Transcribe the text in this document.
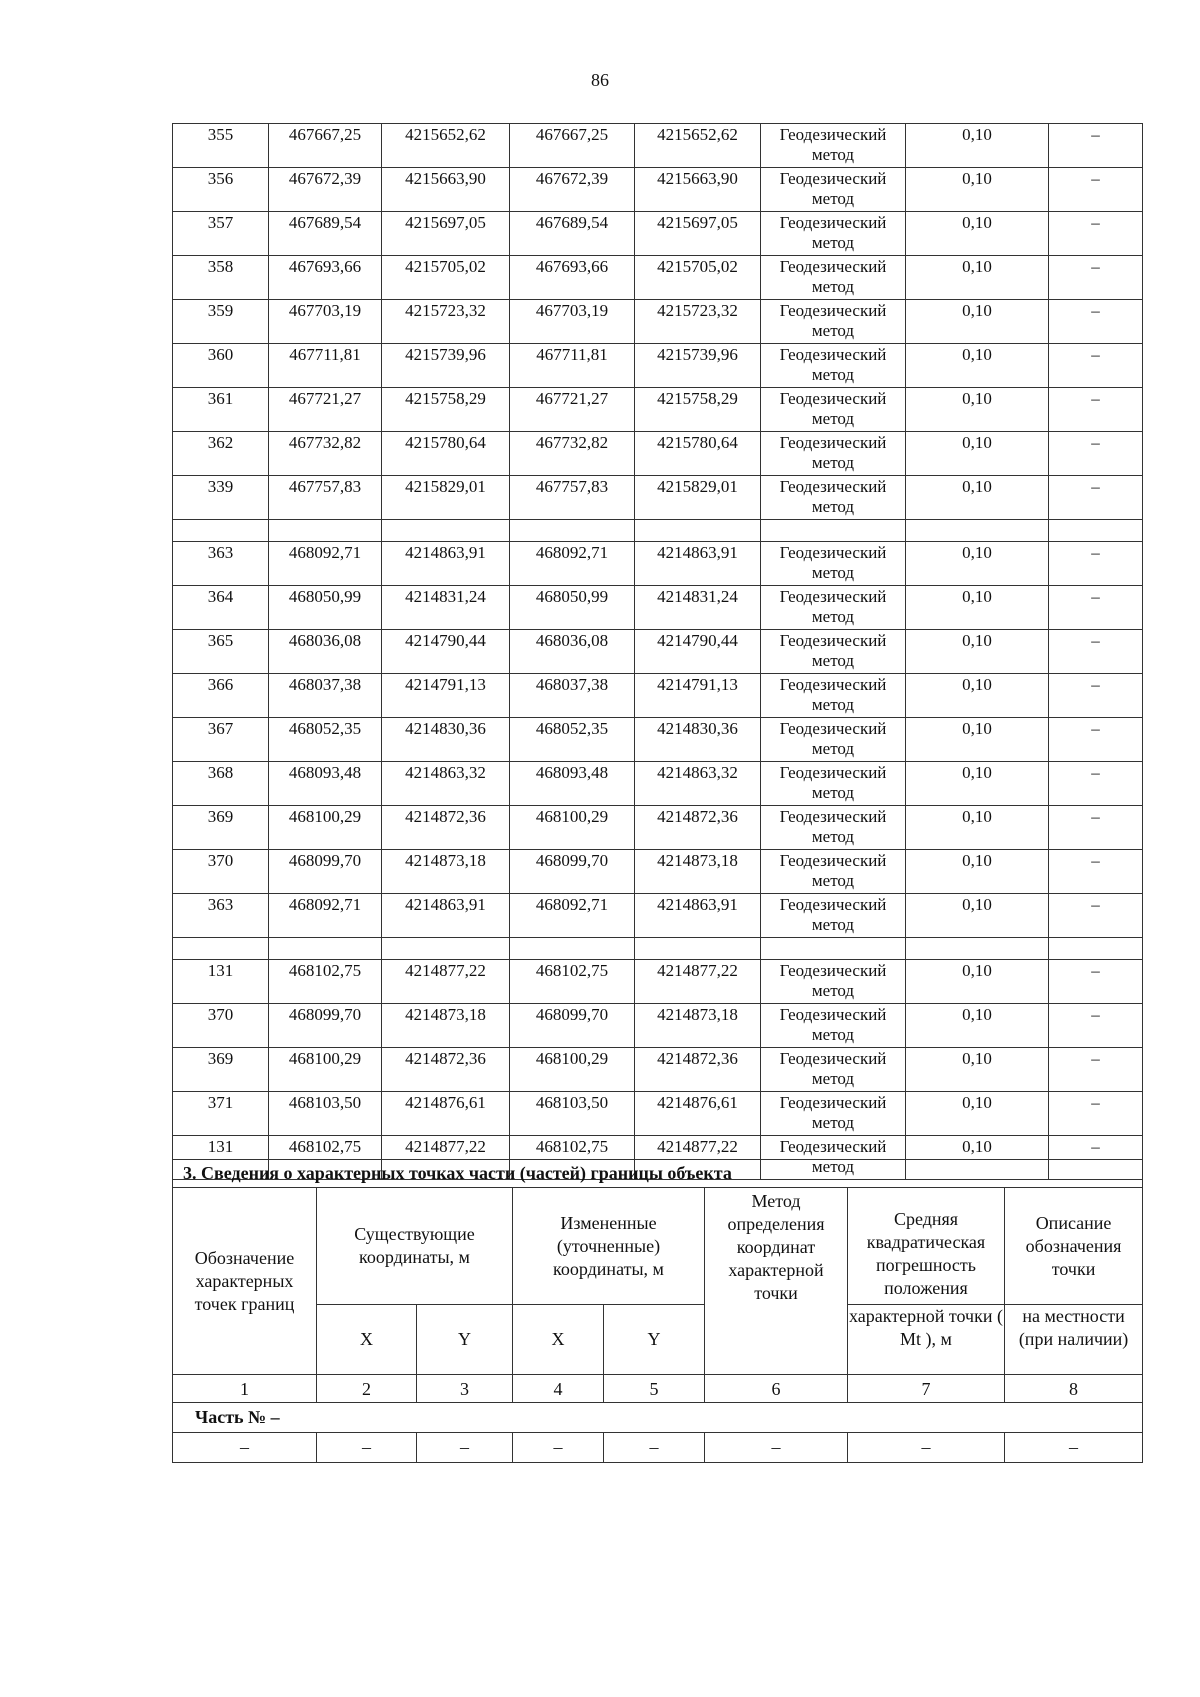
86
355	467667,25	4215652,62	467667,25	4215652,62	Геодезический метод	0,10	–
356	467672,39	4215663,90	467672,39	4215663,90	Геодезический метод	0,10	–
357	467689,54	4215697,05	467689,54	4215697,05	Геодезический метод	0,10	–
358	467693,66	4215705,02	467693,66	4215705,02	Геодезический метод	0,10	–
359	467703,19	4215723,32	467703,19	4215723,32	Геодезический метод	0,10	–
360	467711,81	4215739,96	467711,81	4215739,96	Геодезический метод	0,10	–
361	467721,27	4215758,29	467721,27	4215758,29	Геодезический метод	0,10	–
362	467732,82	4215780,64	467732,82	4215780,64	Геодезический метод	0,10	–
339	467757,83	4215829,01	467757,83	4215829,01	Геодезический метод	0,10	–

363	468092,71	4214863,91	468092,71	4214863,91	Геодезический метод	0,10	–
364	468050,99	4214831,24	468050,99	4214831,24	Геодезический метод	0,10	–
365	468036,08	4214790,44	468036,08	4214790,44	Геодезический метод	0,10	–
366	468037,38	4214791,13	468037,38	4214791,13	Геодезический метод	0,10	–
367	468052,35	4214830,36	468052,35	4214830,36	Геодезический метод	0,10	–
368	468093,48	4214863,32	468093,48	4214863,32	Геодезический метод	0,10	–
369	468100,29	4214872,36	468100,29	4214872,36	Геодезический метод	0,10	–
370	468099,70	4214873,18	468099,70	4214873,18	Геодезический метод	0,10	–
363	468092,71	4214863,91	468092,71	4214863,91	Геодезический метод	0,10	–

131	468102,75	4214877,22	468102,75	4214877,22	Геодезический метод	0,10	–
370	468099,70	4214873,18	468099,70	4214873,18	Геодезический метод	0,10	–
369	468100,29	4214872,36	468100,29	4214872,36	Геодезический метод	0,10	–
371	468103,50	4214876,61	468103,50	4214876,61	Геодезический метод	0,10	–
131	468102,75	4214877,22	468102,75	4214877,22	Геодезический метод	0,10	–
3. Сведения о характерных точках части (частей) границы объекта							
Обозначение характерных точек границ	Существующие координаты, м		Измененные (уточненные) координаты, м		Метод определения координат характерной точки	Средняя квадратическая погрешность положения	Описание обозначения точки
	X	Y	X	Y		характерной точки ( Mt ), м	на местности (при наличии)
1	2	3	4	5	6	7	8
Часть № –							
–	–	–	–	–	–	–	–
